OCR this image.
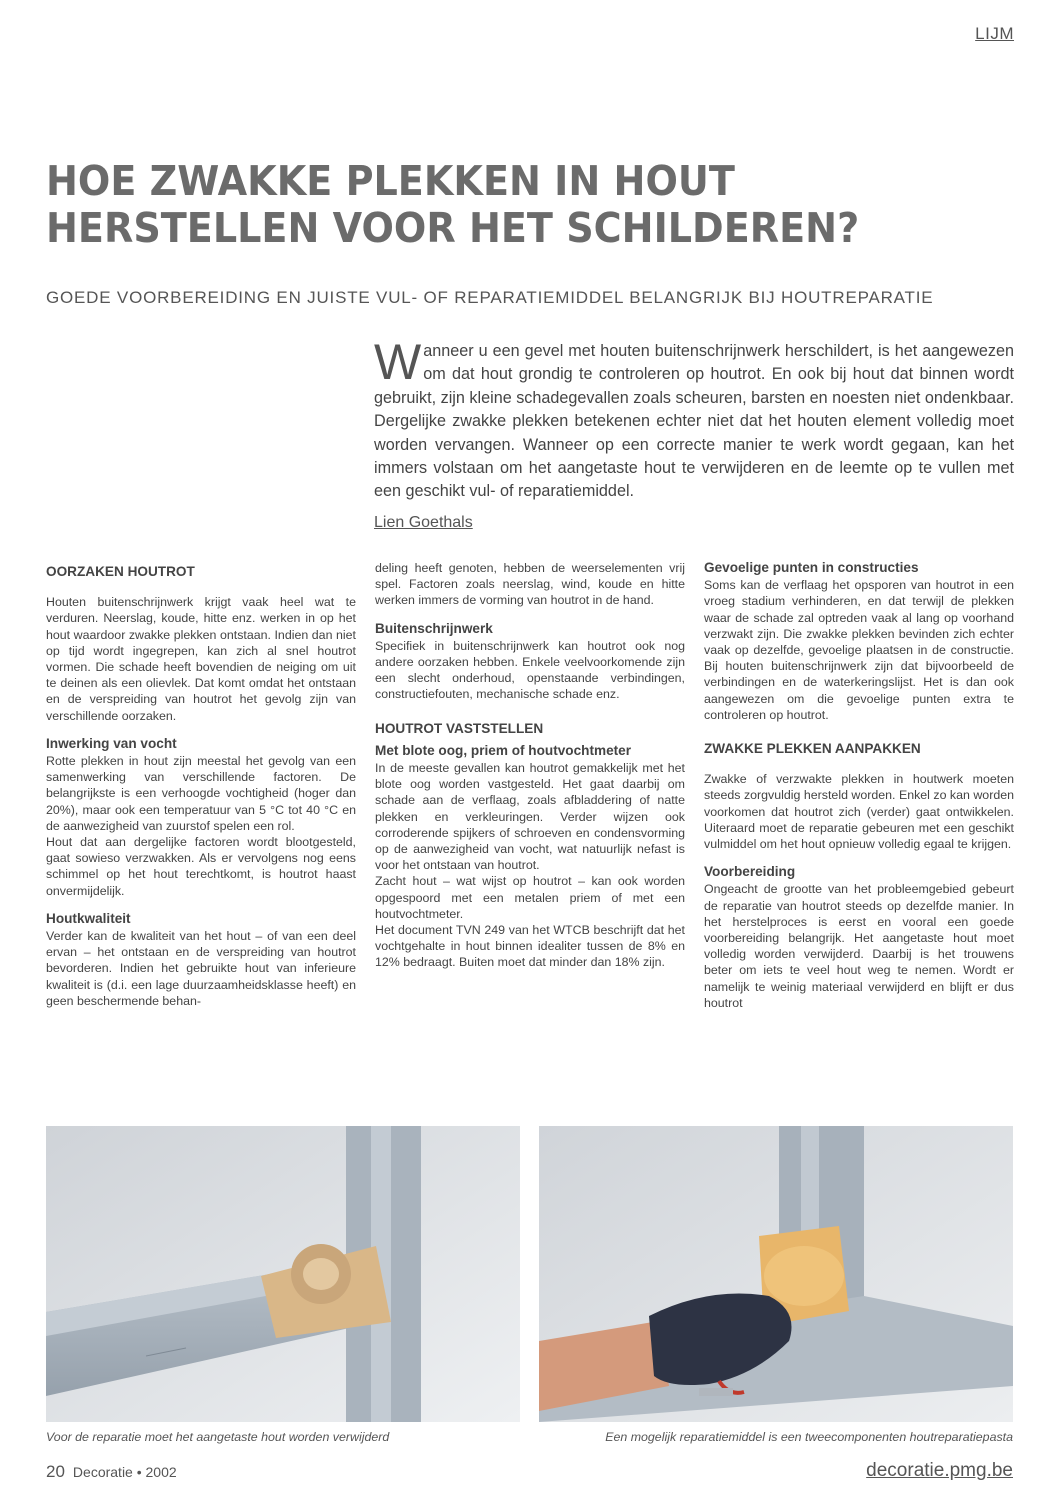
LIJM
HOE ZWAKKE PLEKKEN IN HOUT
HERSTELLEN VOOR HET SCHILDEREN?
GOEDE VOORBEREIDING EN JUISTE VUL- OF REPARATIEMIDDEL BELANGRIJK BIJ HOUTREPARATIE
Wanneer u een gevel met houten buitenschrijnwerk herschildert, is het aangewezen om dat hout grondig te controleren op houtrot. En ook bij hout dat binnen wordt gebruikt, zijn kleine schadegevallen zoals scheuren, barsten en noesten niet ondenkbaar. Dergelijke zwakke plekken betekenen echter niet dat het houten element volledig moet worden vervangen. Wanneer op een correcte manier te werk wordt gegaan, kan het immers volstaan om het aangetaste hout te verwijderen en de leemte op te vullen met een geschikt vul- of reparatiemiddel.
Lien Goethals
OORZAKEN HOUTROT

Houten buitenschrijnwerk krijgt vaak heel wat te verduren. Neerslag, koude, hitte enz. werken in op het hout waardoor zwakke plekken ontstaan. Indien dan niet op tijd wordt ingegrepen, kan zich al snel houtrot vormen. Die schade heeft bovendien de neiging om uit te deinen als een olievlek. Dat komt omdat het ontstaan en de verspreiding van houtrot het gevolg zijn van verschillende oorzaken.

Inwerking van vocht

Rotte plekken in hout zijn meestal het gevolg van een samenwerking van verschillende factoren. De belangrijkste is een verhoogde vochtigheid (hoger dan 20%), maar ook een temperatuur van 5 °C tot 40 °C en de aanwezigheid van zuurstof spelen een rol.

Hout dat aan dergelijke factoren wordt blootgesteld, gaat sowieso verzwakken. Als er vervolgens nog eens schimmel op het hout terechtkomt, is houtrot haast onvermijdelijk.

Houtkwaliteit

Verder kan de kwaliteit van het hout – of van een deel ervan – het ontstaan en de verspreiding van houtrot bevorderen. Indien het gebruikte hout van inferieure kwaliteit is (d.i. een lage duurzaamheidsklasse heeft) en geen beschermende behan-

deling heeft genoten, hebben de weerselementen vrij spel. Factoren zoals neerslag, wind, koude en hitte werken immers de vorming van houtrot in de hand.

Buitenschrijnwerk

Specifiek in buitenschrijnwerk kan houtrot ook nog andere oorzaken hebben. Enkele veelvoorkomende zijn een slecht onderhoud, openstaande verbindingen, constructiefouten, mechanische schade enz.

HOUTROT VASTSTELLEN
Met blote oog, priem of houtvochtmeter

In de meeste gevallen kan houtrot gemakkelijk met het blote oog worden vastgesteld. Het gaat daarbij om schade aan de verflaag, zoals afbladdering of natte plekken en verkleuringen. Verder wijzen ook corroderende spijkers of schroeven en condensvorming op de aanwezigheid van vocht, wat natuurlijk nefast is voor het ontstaan van houtrot.

Zacht hout – wat wijst op houtrot – kan ook worden opgespoord met een metalen priem of met een houtvochtmeter.

Het document TVN 249 van het WTCB beschrijft dat het vochtgehalte in hout binnen idealiter tussen de 8% en 12% bedraagt. Buiten moet dat minder dan 18% zijn.

Gevoelige punten in constructies

Soms kan de verflaag het opsporen van houtrot in een vroeg stadium verhinderen, en dat terwijl de plekken waar de schade zal optreden vaak al lang op voorhand verzwakt zijn. Die zwakke plekken bevinden zich echter vaak op dezelfde, gevoelige plaatsen in de constructie. Bij houten buitenschrijnwerk zijn dat bijvoorbeeld de verbindingen en de waterkeringslijst. Het is dan ook aangewezen om die gevoelige punten extra te controleren op houtrot.

ZWAKKE PLEKKEN AANPAKKEN

Zwakke of verzwakte plekken in houtwerk moeten steeds zorgvuldig hersteld worden. Enkel zo kan worden voorkomen dat houtrot zich (verder) gaat ontwikkelen. Uiteraard moet de reparatie gebeuren met een geschikt vulmiddel om het hout opnieuw volledig egaal te krijgen.

Voorbereiding

Ongeacht de grootte van het probleemgebied gebeurt de reparatie van houtrot steeds op dezelfde manier. In het herstelproces is eerst en vooral een goede voorbereiding belangrijk. Het aangetaste hout moet volledig worden verwijderd. Daarbij is het trouwens beter om iets te veel hout weg te nemen. Wordt er namelijk te weinig materiaal verwijderd en blijft er dus houtrot

Voor de reparatie moet het aangetaste hout worden verwijderd	Een mogelijk reparatiemiddel is een tweecomponenten houtreparatiepasta
20 Decoratie • 2002	decoratie.pmg.be
